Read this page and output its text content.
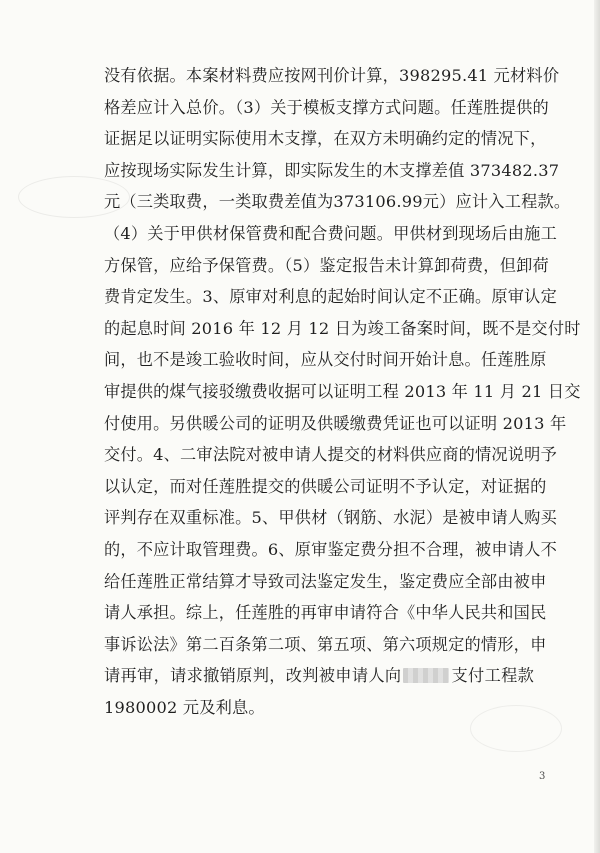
没有依据。本案材料费应按网刊价计算，398295.41 元材料价
格差应计入总价。（3）关于模板支撑方式问题。任莲胜提供的
证据足以证明实际使用木支撑，在双方未明确约定的情况下，
应按现场实际发生计算，即实际发生的木支撑差值 373482.37
元（三类取费，一类取费差值为373106.99元）应计入工程款。
（4）关于甲供材保管费和配合费问题。甲供材到现场后由施工
方保管，应给予保管费。（5）鉴定报告未计算卸荷费，但卸荷
费肯定发生。3、原审对利息的起始时间认定不正确。原审认定
的起息时间 2016 年 12 月 12 日为竣工备案时间，既不是交付时
间，也不是竣工验收时间，应从交付时间开始计息。任莲胜原
审提供的煤气接驳缴费收据可以证明工程 2013 年 11 月 21 日交
付使用。另供暖公司的证明及供暖缴费凭证也可以证明 2013 年
交付。4、二审法院对被申请人提交的材料供应商的情况说明予
以认定，而对任莲胜提交的供暖公司证明不予认定，对证据的
评判存在双重标准。5、甲供材（钢筋、水泥）是被申请人购买
的，不应计取管理费。6、原审鉴定费分担不合理，被申请人不
给任莲胜正常结算才导致司法鉴定发生，鉴定费应全部由被申
请人承担。综上，任莲胜的再审申请符合《中华人民共和国民
事诉讼法》第二百条第二项、第五项、第六项规定的情形，申
请再审，请求撤销原判，改判被申请人向	支付工程款
1980002 元及利息。
3
